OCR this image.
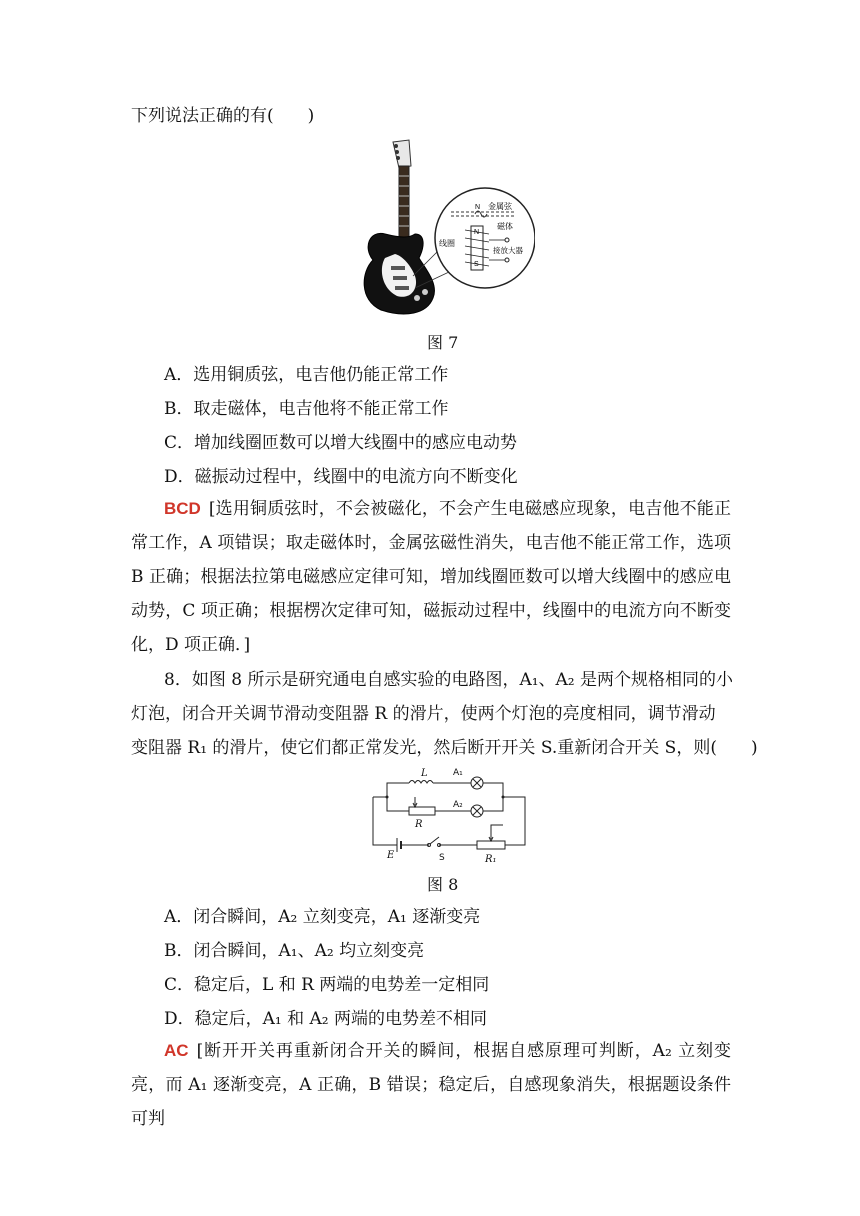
下列说法正确的有(　　)
N
N
S
金属弦
磁体
线圈
接放大器
图 7
A．选用铜质弦，电吉他仍能正常工作
B．取走磁体，电吉他将不能正常工作
C．增加线圈匝数可以增大线圈中的感应电动势
D．磁振动过程中，线圈中的电流方向不断变化
BCD [选用铜质弦时，不会被磁化，不会产生电磁感应现象，电吉他不能正常工作，A 项错误；取走磁体时，金属弦磁性消失，电吉他不能正常工作，选项 B 正确；根据法拉第电磁感应定律可知，增加线圈匝数可以增大线圈中的感应电动势，C 项正确；根据楞次定律可知，磁振动过程中，线圈中的电流方向不断变化，D 项正确．]
8．如图 8 所示是研究通电自感实验的电路图，A₁、A₂ 是两个规格相同的小
灯泡，闭合开关调节滑动变阻器 R 的滑片，使两个灯泡的亮度相同，调节滑动
变阻器 R₁ 的滑片，使它们都正常发光，然后断开开关 S.重新闭合开关 S，则(　　)
L
R
E	R₁
A₁
A₂
S
图 8
A．闭合瞬间，A₂ 立刻变亮，A₁ 逐渐变亮
B．闭合瞬间，A₁、A₂ 均立刻变亮
C．稳定后，L 和 R 两端的电势差一定相同
D．稳定后，A₁ 和 A₂ 两端的电势差不相同
AC [断开开关再重新闭合开关的瞬间，根据自感原理可判断，A₂ 立刻变亮，而 A₁ 逐渐变亮，A 正确，B 错误；稳定后，自感现象消失，根据题设条件可判
